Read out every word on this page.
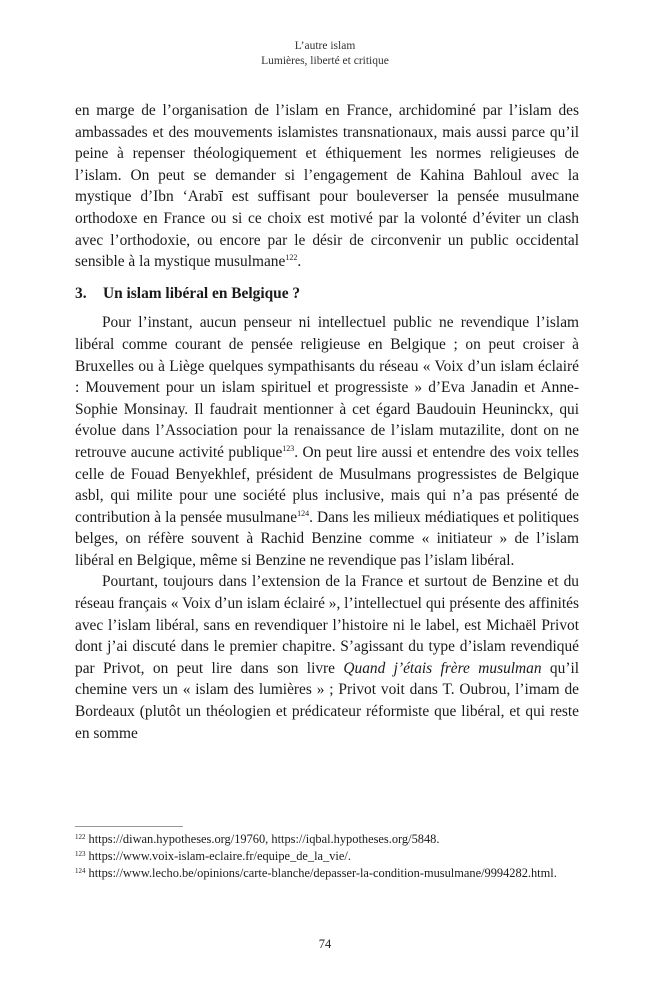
L’autre islam
Lumières, liberté et critique

en marge de l’organisation de l’islam en France, archidominé par l’islam des ambassades et des mouvements islamistes transnationaux, mais aussi parce qu’il peine à repenser théologiquement et éthiquement les normes religieuses de l’islam. On peut se demander si l’engagement de Kahina Bahloul avec la mystique d’Ibn ‘Arabī est suffisant pour bouleverser la pensée musulmane orthodoxe en France ou si ce choix est motivé par la volonté d’éviter un clash avec l’orthodoxie, ou encore par le désir de circonvenir un public occidental sensible à la mystique musulmane$^{122}$.

3. Un islam libéral en Belgique ?

Pour l’instant, aucun penseur ni intellectuel public ne revendique l’islam libéral comme courant de pensée religieuse en Belgique ; on peut croiser à Bruxelles ou à Liège quelques sympathisants du réseau « Voix d’un islam éclairé : Mouvement pour un islam spirituel et progressiste » d’Eva Janadin et Anne-Sophie Monsinay. Il faudrait mentionner à cet égard Baudouin Heuninckx, qui évolue dans l’Association pour la renaissance de l’islam mutazilite, dont on ne retrouve aucune activité publique$^{123}$. On peut lire aussi et entendre des voix telles celle de Fouad Benyekhlef, président de Musulmans progressistes de Belgique asbl, qui milite pour une société plus inclusive, mais qui n’a pas présenté de contribution à la pensée musulmane$^{124}$. Dans les milieux médiatiques et politiques belges, on réfère souvent à Rachid Benzine comme « initiateur » de l’islam libéral en Belgique, même si Benzine ne revendique pas l’islam libéral.

Pourtant, toujours dans l’extension de la France et surtout de Benzine et du réseau français « Voix d’un islam éclairé », l’intellectuel qui présente des affinités avec l’islam libéral, sans en revendiquer l’histoire ni le label, est Michaël Privot dont j’ai discuté dans le premier chapitre. S’agissant du type d’islam revendiqué par Privot, on peut lire dans son livre Quand j’étais frère musulman qu’il chemine vers un « islam des lumières » ; Privot voit dans T. Oubrou, l’imam de Bordeaux (plutôt un théologien et prédicateur réformiste que libéral, et qui reste en somme

$^{122}$ https://diwan.hypotheses.org/19760, https://iqbal.hypotheses.org/5848.

$^{123}$ https://www.voix-islam-eclaire.fr/equipe_de_la_vie/.

$^{124}$ https://www.lecho.be/opinions/carte-blanche/depasser-la-condition-musulmane/9994282.html.

74
